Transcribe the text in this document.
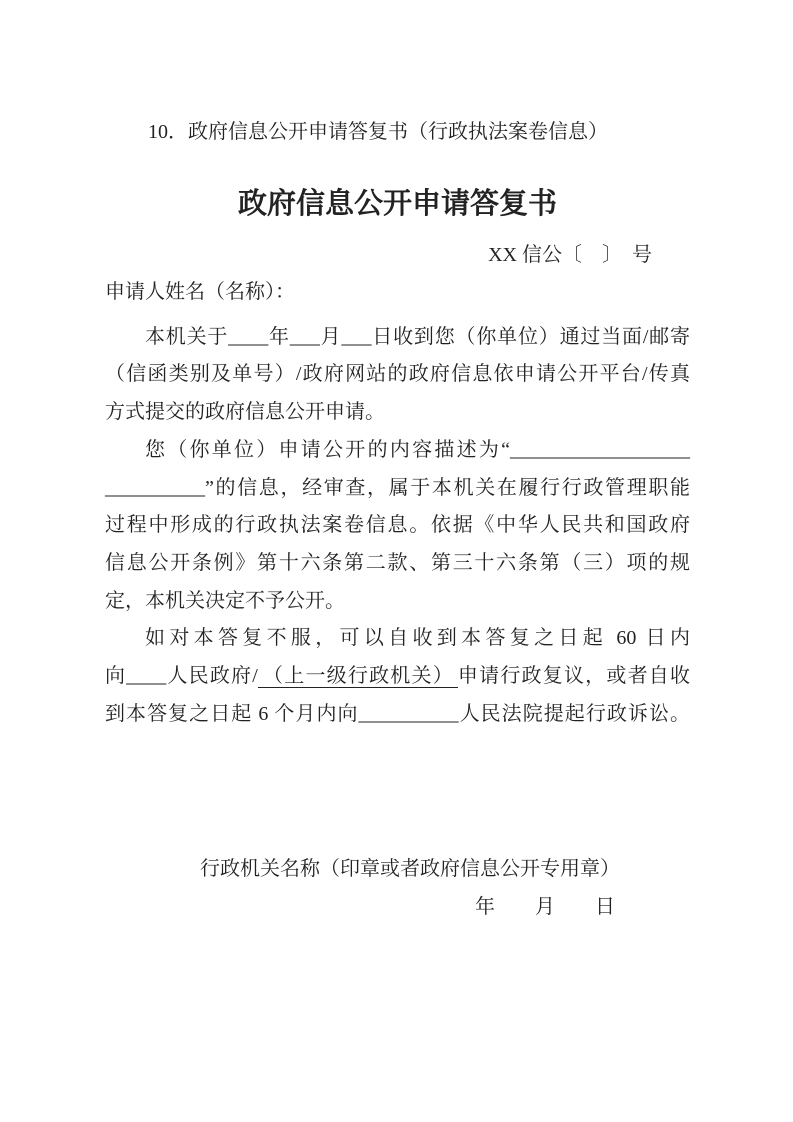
10．政府信息公开申请答复书（行政执法案卷信息）
政府信息公开申请答复书
XX 信公〔　〕　号
申请人姓名（名称）：
本机关于____年___月___日收到您（你单位）通过当面/邮寄
（信函类别及单号）/政府网站的政府信息依申请公开平台/传真
方式提交的政府信息公开申请。
您（你单位）申请公开的内容描述为“__________________
__________”的信息，经审查，属于本机关在履行行政管理职能
过程中形成的行政执法案卷信息。依据《中华人民共和国政府
信息公开条例》第十六条第二款、第三十六条第（三）项的规
定，本机关决定不予公开。
如对本答复不服，可以自收到本答复之日起 60 日内
向____人民政府/ （上一级行政机关） 申请行政复议，或者自收
到本答复之日起 6 个月内向__________人民法院提起行政诉讼。
行政机关名称（印章或者政府信息公开专用章）
年　　月　　日
